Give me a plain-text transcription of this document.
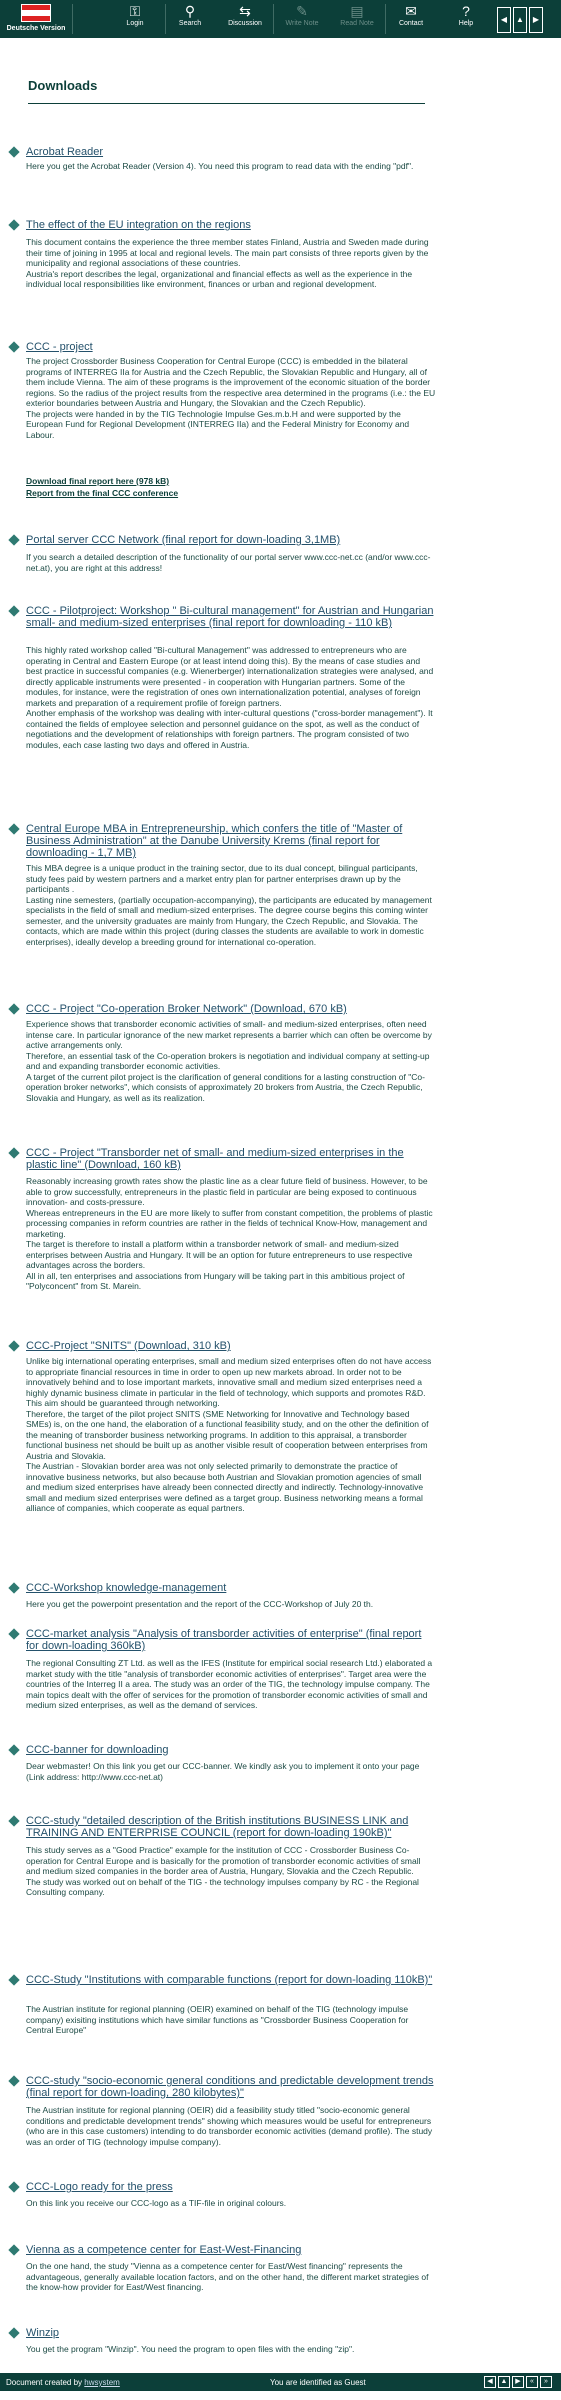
Deutsche Version
⚿
Login
⚲
Search
⇆
Discussion
✎
Write Note
▤
Read Note
✉
Contact
?
Help	◀	▲	▶
Downloads
Acrobat Reader
Here you get the Acrobat Reader (Version 4). You need this program to read data with the ending "pdf".
The effect of the EU integration on the regions
This document contains the experience the three member states Finland, Austria and Sweden made during their time of joining in 1995 at local and regional levels. The main part consists of three reports given by the municipality and regional associations of these countries.
Austria's report describes the legal, organizational and financial effects as well as the experience in the individual local responsibilities like environment, finances or urban and regional development.
CCC - project
The project Crossborder Business Cooperation for Central Europe (CCC) is embedded in the bilateral programs of INTERREG IIa for Austria and the Czech Republic, the Slovakian Republic and Hungary, all of them include Vienna. The aim of these programs is the improvement of the economic situation of the border regions. So the radius of the project results from the respective area determined in the programs (i.e.: the EU exterior boundaries between Austria and Hungary, the Slovakian and the Czech Republic).
The projects were handed in by the TIG Technologie Impulse Ges.m.b.H and were supported by the European Fund for Regional Development (INTERREG IIa) and the Federal Ministry for Economy and Labour.
Download final report here (978 kB)
Report from the final CCC conference
Portal server CCC Network (final report for down-loading 3,1MB)
If you search a detailed description of the functionality of our portal server www.ccc-net.cc (and/or www.ccc-net.at), you are right at this address!
CCC - Pilotproject: Workshop " Bi-cultural management" for Austrian and Hungarian small- and medium-sized enterprises (final report for downloading - 110 kB)
This highly rated workshop called "Bi-cultural Management" was addressed to entrepreneurs who are operating in Central and Eastern Europe (or at least intend doing this). By the means of case studies and best practice in successful companies (e.g. Wienerberger) internationalization strategies were analysed, and directly applicable instruments were presented - in cooperation with Hungarian partners. Some of the modules, for instance, were the registration of ones own internationalization potential, analyses of foreign markets and preparation of a requirement profile of foreign partners.
Another emphasis of the workshop was dealing with inter-cultural questions ("cross-border management"). It contained the fields of employee selection and personnel guidance on the spot, as well as the conduct of negotiations and the development of relationships with foreign partners. The program consisted of two modules, each case lasting two days and offered in Austria.
Central Europe MBA in Entrepreneurship, which confers the title of "Master of Business Administration" at the Danube University Krems (final report for downloading - 1,7 MB)
This MBA degree is a unique product in the training sector, due to its dual concept, bilingual participants, study fees paid by western partners and a market entry plan for partner enterprises drawn up by the participants .
Lasting nine semesters, (partially occupation-accompanying), the participants are educated by management specialists in the field of small and medium-sized enterprises. The degree course begins this coming winter semester, and the university graduates are mainly from Hungary, the Czech Republic, and Slovakia. The contacts, which are made within this project (during classes the students are available to work in domestic enterprises), ideally develop a breeding ground for international co-operation.
CCC - Project "Co-operation Broker Network" (Download, 670 kB)
Experience shows that transborder economic activities of small- and medium-sized enterprises, often need intense care. In particular ignorance of the new market represents a barrier which can often be overcome by active arrangements only.
Therefore, an essential task of the Co-operation brokers is negotiation and individual company at setting-up and and expanding transborder economic activities.
A target of the current pilot project is the clarification of general conditions for a lasting construction of "Co-operation broker networks", which consists of approximately 20 brokers from Austria, the Czech Republic, Slovakia and Hungary, as well as its realization.
CCC - Project "Transborder net of small- and medium-sized enterprises in the plastic line" (Download, 160 kB)
Reasonably increasing growth rates show the plastic line as a clear future field of business. However, to be able to grow successfully, entrepreneurs in the plastic field in particular are being exposed to continuous innovation- and costs-pressure.
Whereas entrepreneurs in the EU are more likely to suffer from constant competition, the problems of plastic processing companies in reform countries are rather in the fields of technical Know-How, management and marketing.
The target is therefore to install a platform within a transborder network of small- and medium-sized enterprises between Austria and Hungary. It will be an option for future entrepreneurs to use respective advantages across the borders.
All in all, ten enterprises and associations from Hungary will be taking part in this ambitious project of "Polyconcent" from St. Marein.
CCC-Project "SNITS" (Download, 310 kB)
Unlike big international operating enterprises, small and medium sized enterprises often do not have access to appropriate financial resources in time in order to open up new markets abroad. In order not to be innovatively behind and to lose important markets, innovative small and medium sized enterprises need a highly dynamic business climate in particular in the field of technology, which supports and promotes R&D. This aim should be guaranteed through networking.
Therefore, the target of the pilot project SNITS (SME Networking for Innovative and Technology based SMEs) is, on the one hand, the elaboration of a functional feasibility study, and on the other the definition of the meaning of transborder business networking programs. In addition to this appraisal, a transborder functional business net should be built up as another visible result of cooperation between enterprises from Austria and Slovakia.
The Austrian - Slovakian border area was not only selected primarily to demonstrate the practice of innovative business networks, but also because both Austrian and Slovakian promotion agencies of small and medium sized enterprises have already been connected directly and indirectly. Technology-innovative small and medium sized enterprises were defined as a target group. Business networking means a formal alliance of companies, which cooperate as equal partners.
CCC-Workshop knowledge-management
Here you get the powerpoint presentation and the report of the CCC-Workshop of July 20 th.
CCC-market analysis "Analysis of transborder activities of enterprise" (final report for down-loading 360kB)
The regional Consulting ZT Ltd. as well as the IFES (Institute for empirical social research Ltd.) elaborated a market study with the title "analysis of transborder economic activities of enterprises". Target area were the countries of the Interreg II a area. The study was an order of the TIG, the technology impulse company. The main topics dealt with the offer of services for the promotion of transborder economic activities of small and medium sized enterprises, as well as the demand of services.
CCC-banner for downloading
Dear webmaster! On this link you get our CCC-banner. We kindly ask you to implement it onto your page (Link address: http://www.ccc-net.at)
CCC-study "detailed description of the British institutions BUSINESS LINK and TRAINING AND ENTERPRISE COUNCIL (report for down-loading 190kB)"
This study serves as a "Good Practice" example for the institution of CCC - Crossborder Business Co-operation for Central Europe and is basically for the promotion of transborder economic activities of small and medium sized companies in the border area of Austria, Hungary, Slovakia and the Czech Republic.
The study was worked out on behalf of the TIG - the technology impulses company by RC - the Regional Consulting company.
CCC-Study "Institutions with comparable functions (report for down-loading 110kB)"
The Austrian institute for regional planning (OEIR) examined on behalf of the TIG (technology impulse company) exisiting institutions which have similar functions as "Crossborder Business Cooperation for Central Europe"
CCC-study "socio-economic general conditions and predictable development trends (final report for down-loading, 280 kilobytes)"
The Austrian institute for regional planning (OEIR) did a feasibility study titled "socio-economic general conditions and predictable development trends" showing which measures would be useful for entrepreneurs (who are in this case customers) intending to do transborder economic activities (demand profile). The study was an order of TIG (technology impulse company).
CCC-Logo ready for the press
On this link you receive our CCC-logo as a TIF-file in original colours.
Vienna as a competence center for East-West-Financing
On the one hand, the study "Vienna as a competence center for East/West financing" represents the advantageous, generally available location factors, and on the other hand, the different market strategies of the know-how provider for East/West financing.
Winzip
You get the program "Winzip". You need the program to open files with the ending "zip".
Document created by hwsystem	You are identified as Guest	◀	▲	▶	«	»
